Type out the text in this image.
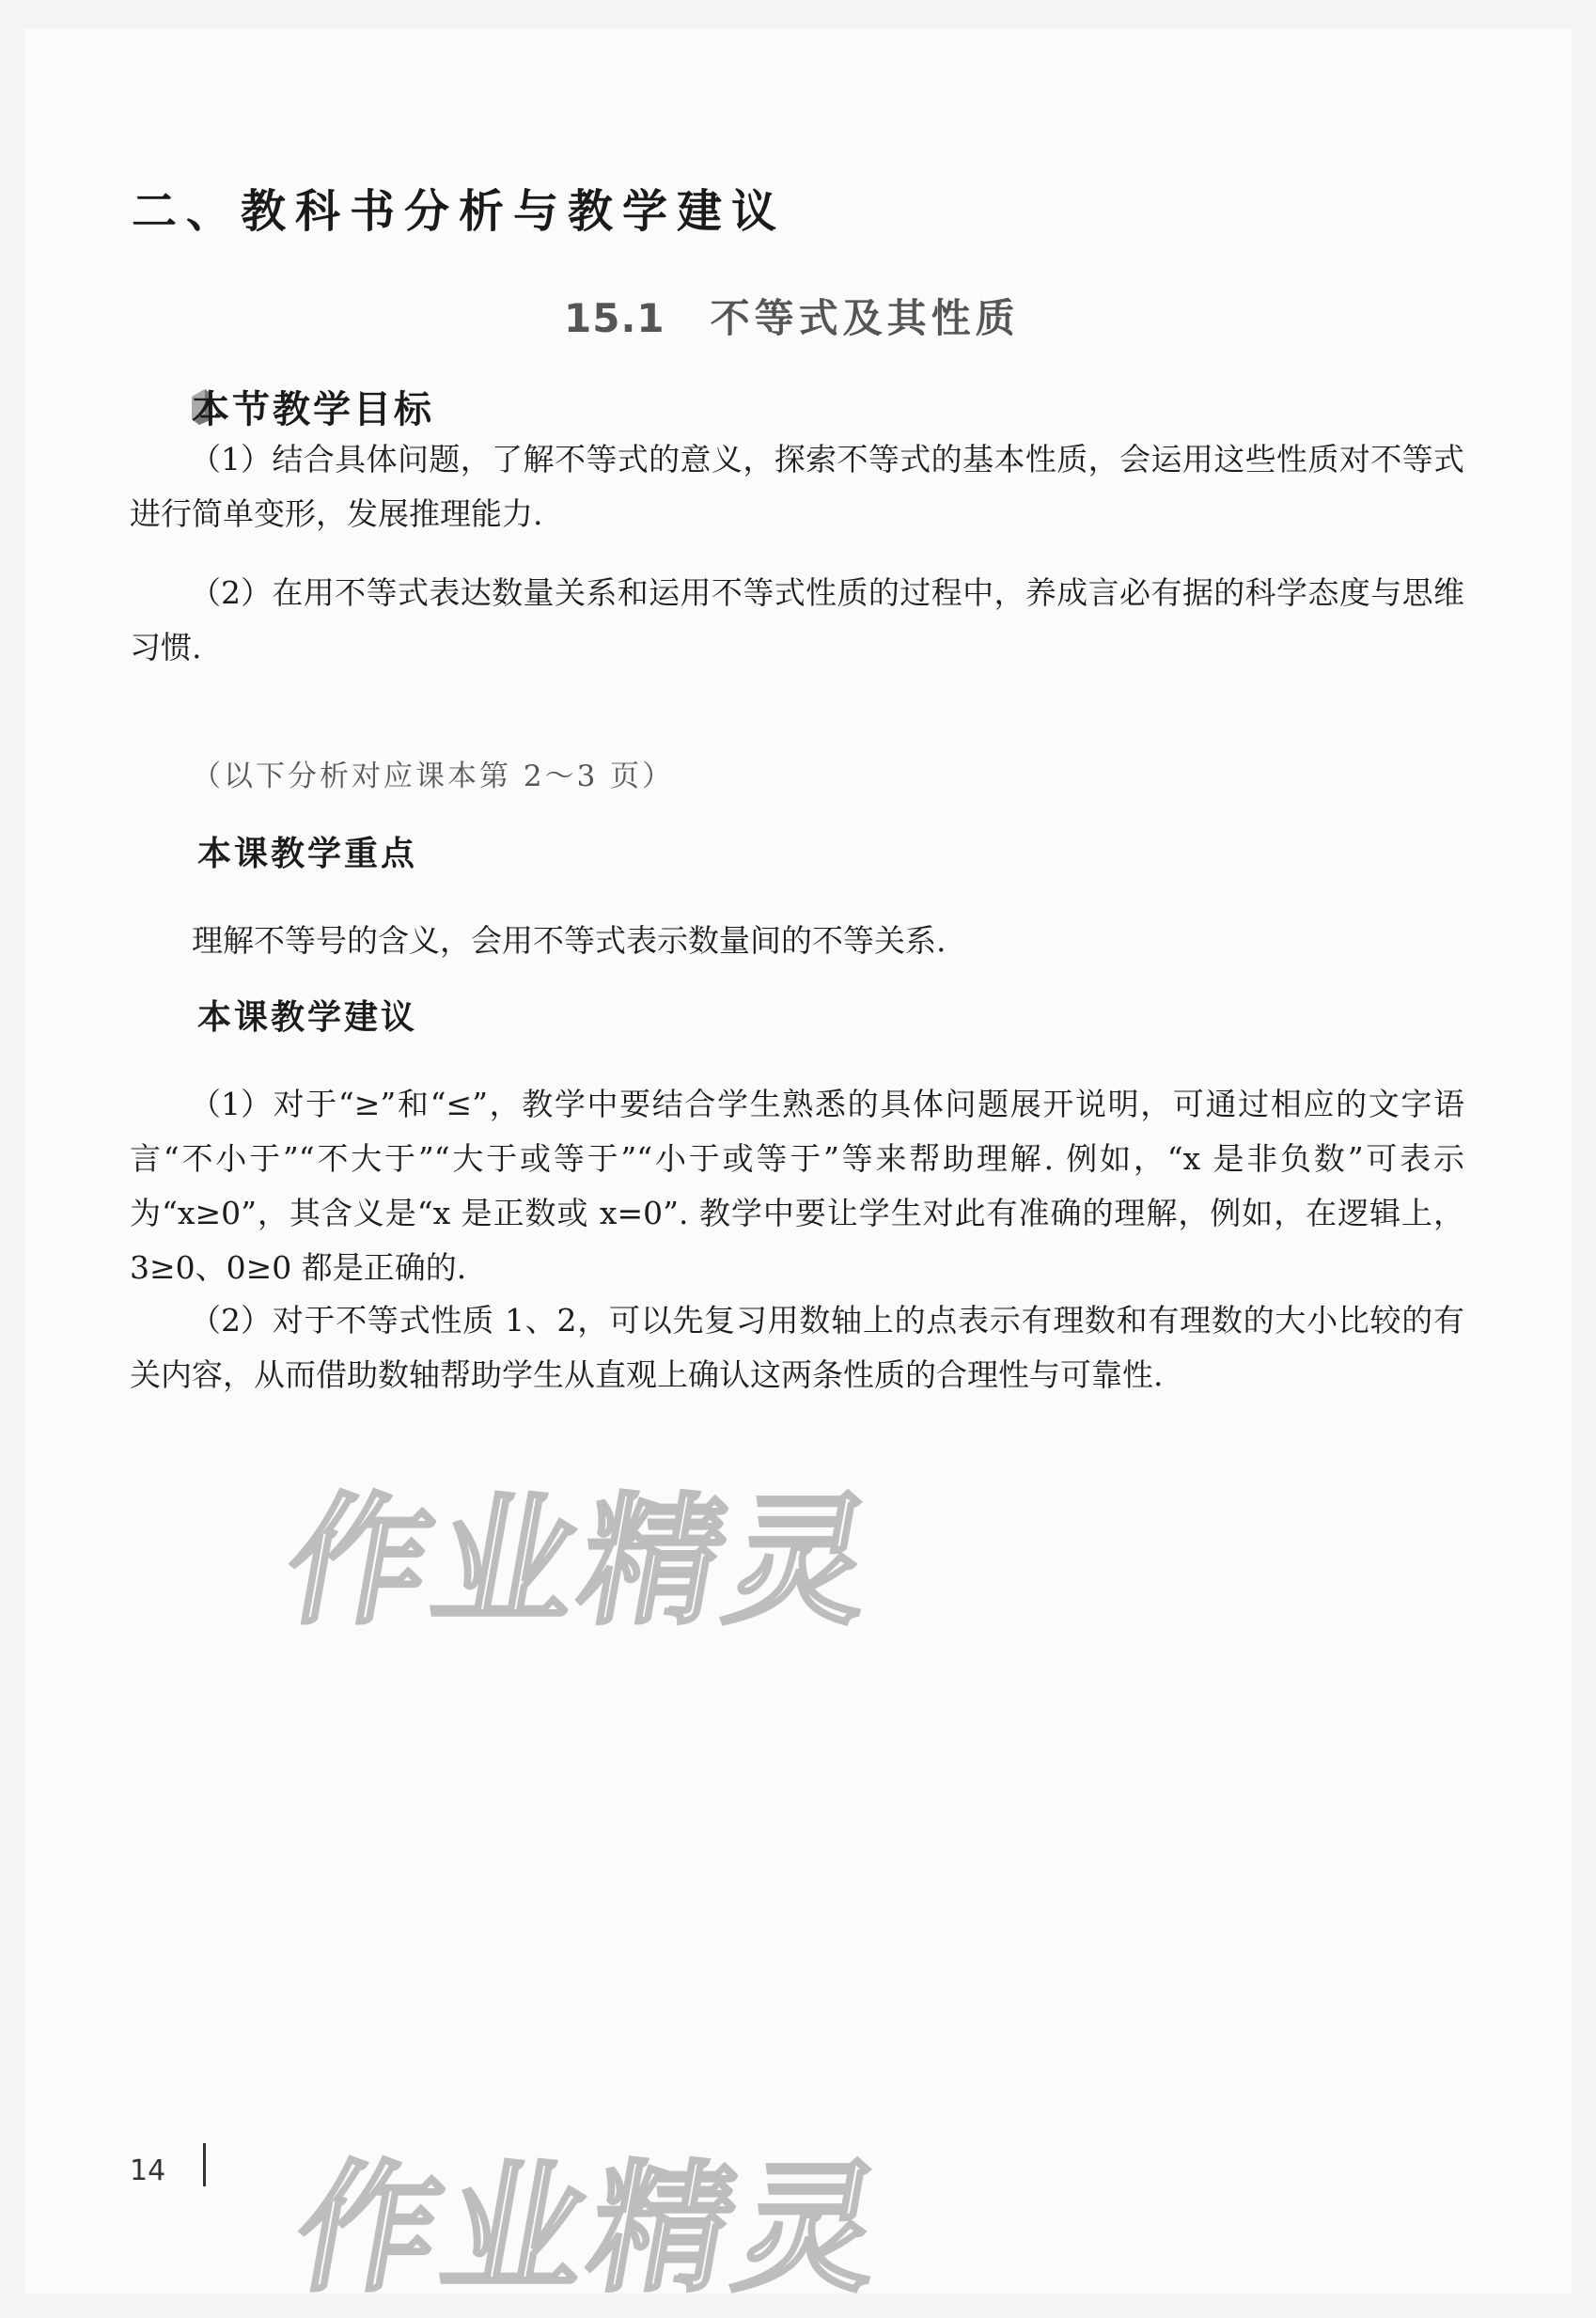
二、教科书分析与教学建议
15.1 不等式及其性质
本节教学目标

（1）结合具体问题，了解不等式的意义，探索不等式的基本性质，会运用这些性质对不等式进行简单变形，发展推理能力.

（2）在用不等式表达数量关系和运用不等式性质的过程中，养成言必有据的科学态度与思维习惯.

（以下分析对应课本第 2～3 页）

本课教学重点

理解不等号的含义，会用不等式表示数量间的不等关系.

本课教学建议

（1）对于“≥”和“≤”，教学中要结合学生熟悉的具体问题展开说明，可通过相应的文字语言“不小于”“不大于”“大于或等于”“小于或等于”等来帮助理解. 例如，“x 是非负数”可表示为“x≥0”，其含义是“x 是正数或 x=0”. 教学中要让学生对此有准确的理解，例如，在逻辑上，3≥0、0≥0 都是正确的.

（2）对于不等式性质 1、2，可以先复习用数轴上的点表示有理数和有理数的大小比较的有关内容，从而借助数轴帮助学生从直观上确认这两条性质的合理性与可靠性.

作业精灵
作业精灵
14
